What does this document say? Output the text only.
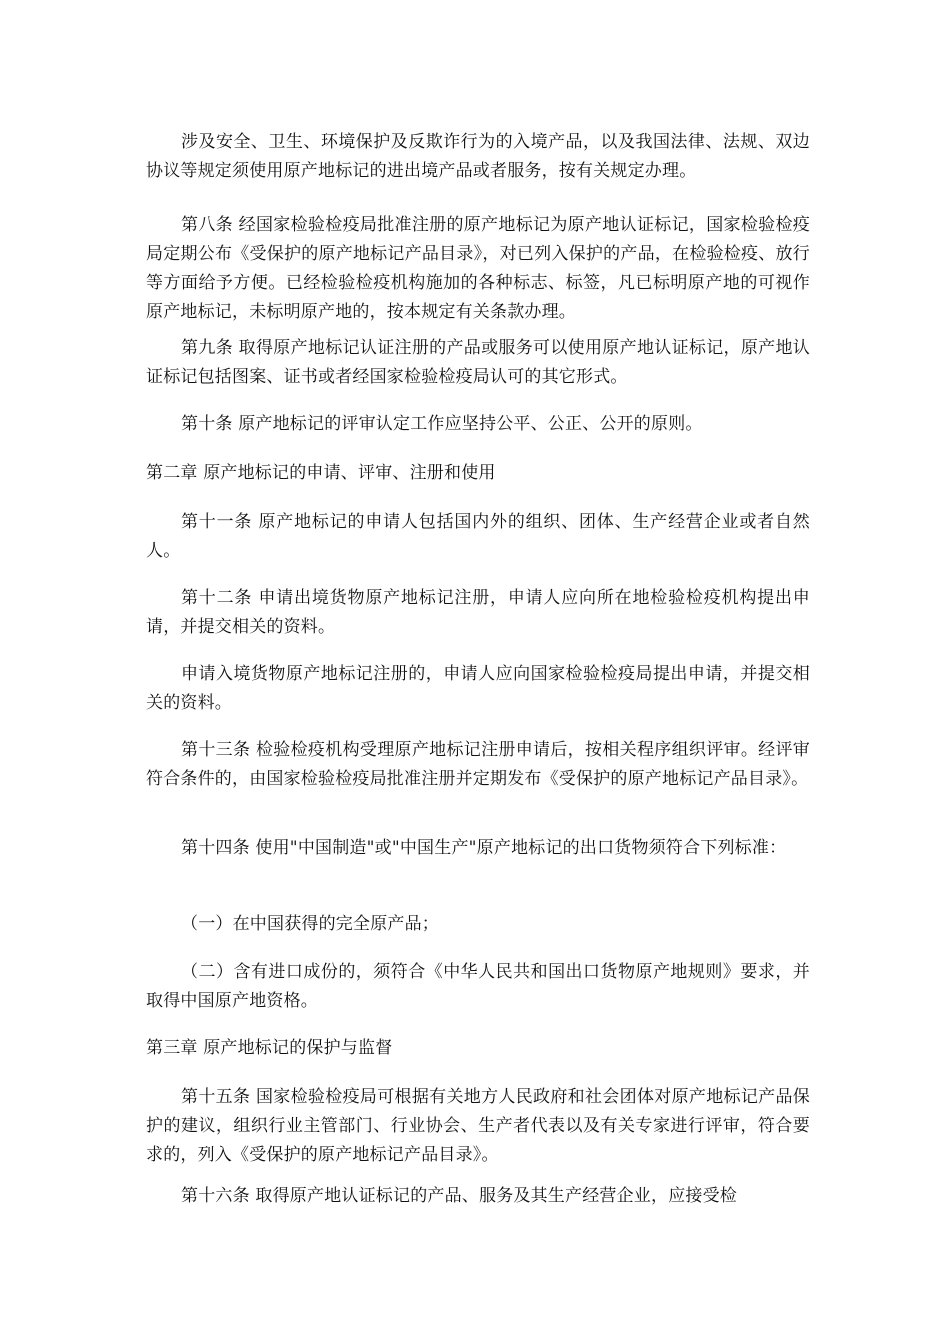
涉及安全、卫生、环境保护及反欺诈行为的入境产品，以及我国法律、法规、双边协议等规定须使用原产地标记的进出境产品或者服务，按有关规定办理。

第八条 经国家检验检疫局批准注册的原产地标记为原产地认证标记，国家检验检疫局定期公布《受保护的原产地标记产品目录》，对已列入保护的产品，在检验检疫、放行等方面给予方便。已经检验检疫机构施加的各种标志、标签，凡已标明原产地的可视作原产地标记，未标明原产地的，按本规定有关条款办理。

第九条 取得原产地标记认证注册的产品或服务可以使用原产地认证标记，原产地认证标记包括图案、证书或者经国家检验检疫局认可的其它形式。

第十条 原产地标记的评审认定工作应坚持公平、公正、公开的原则。

第二章 原产地标记的申请、评审、注册和使用

第十一条 原产地标记的申请人包括国内外的组织、团体、生产经营企业或者自然人。

第十二条 申请出境货物原产地标记注册，申请人应向所在地检验检疫机构提出申请，并提交相关的资料。

申请入境货物原产地标记注册的，申请人应向国家检验检疫局提出申请，并提交相关的资料。

第十三条 检验检疫机构受理原产地标记注册申请后，按相关程序组织评审。经评审符合条件的，由国家检验检疫局批准注册并定期发布《受保护的原产地标记产品目录》。

第十四条 使用"中国制造"或"中国生产"原产地标记的出口货物须符合下列标准：

（一）在中国获得的完全原产品；

（二）含有进口成份的，须符合《中华人民共和国出口货物原产地规则》要求，并取得中国原产地资格。

第三章 原产地标记的保护与监督

第十五条 国家检验检疫局可根据有关地方人民政府和社会团体对原产地标记产品保护的建议，组织行业主管部门、行业协会、生产者代表以及有关专家进行评审，符合要求的，列入《受保护的原产地标记产品目录》。

第十六条 取得原产地认证标记的产品、服务及其生产经营企业，应接受检
